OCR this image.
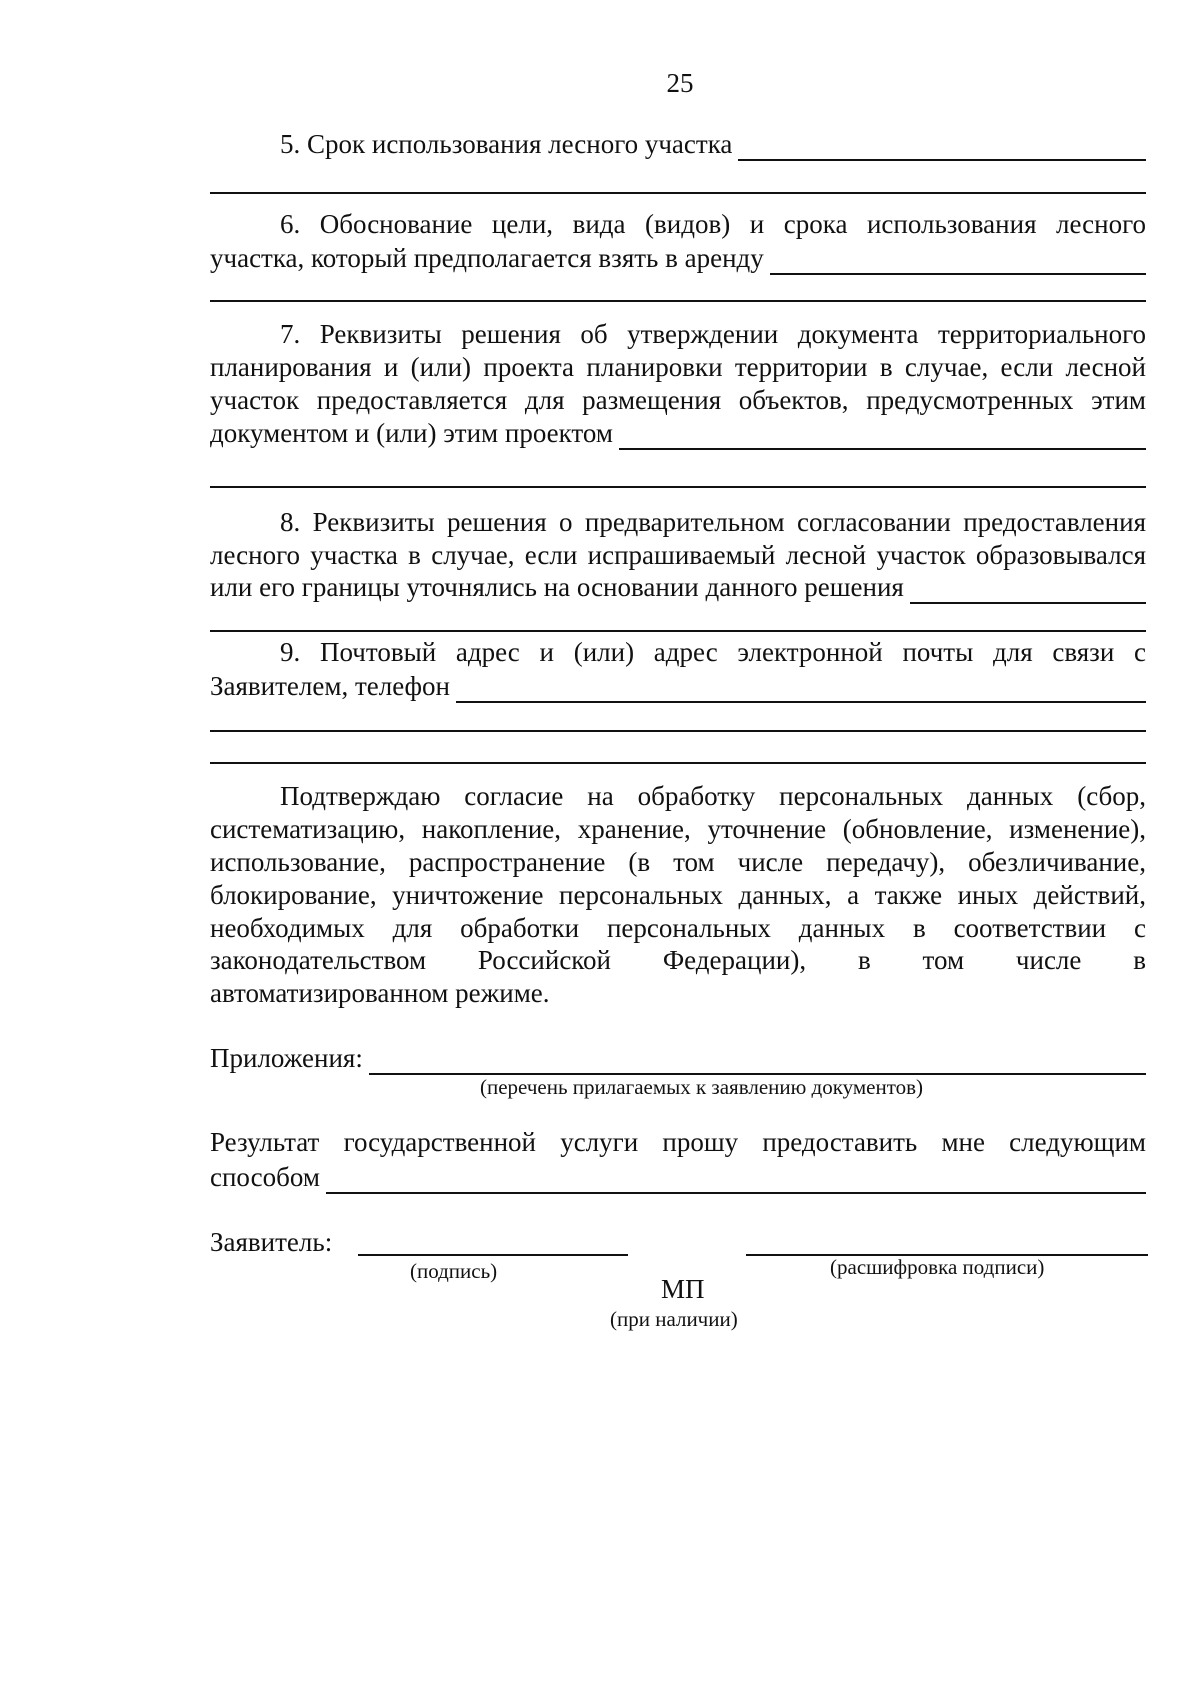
25
5. Срок использования лесного участка
6. Обоснование цели, вида (видов) и срока использования лесного
участка, который предполагается взять в аренду
7. Реквизиты решения об утверждении документа территориального
планирования и (или) проекта планировки территории в случае, если лесной
участок предоставляется для размещения объектов, предусмотренных этим
документом и (или) этим проектом
8. Реквизиты решения о предварительном согласовании предоставления
лесного участка в случае, если испрашиваемый лесной участок образовывался
или его границы уточнялись на основании данного решения
9. Почтовый адрес и (или) адрес электронной почты для связи с
Заявителем, телефон
Подтверждаю согласие на обработку персональных данных (сбор,
систематизацию, накопление, хранение, уточнение (обновление, изменение),
использование, распространение (в том числе передачу), обезличивание,
блокирование, уничтожение персональных данных, а также иных действий,
необходимых для обработки персональных данных в соответствии с
законодательством Российской Федерации), в том числе в
автоматизированном режиме.
Приложения:
(перечень прилагаемых к заявлению документов)
Результат государственной услуги прошу предоставить мне следующим
способом
Заявитель:
(подпись)	(расшифровка подписи)
МП
(при наличии)
